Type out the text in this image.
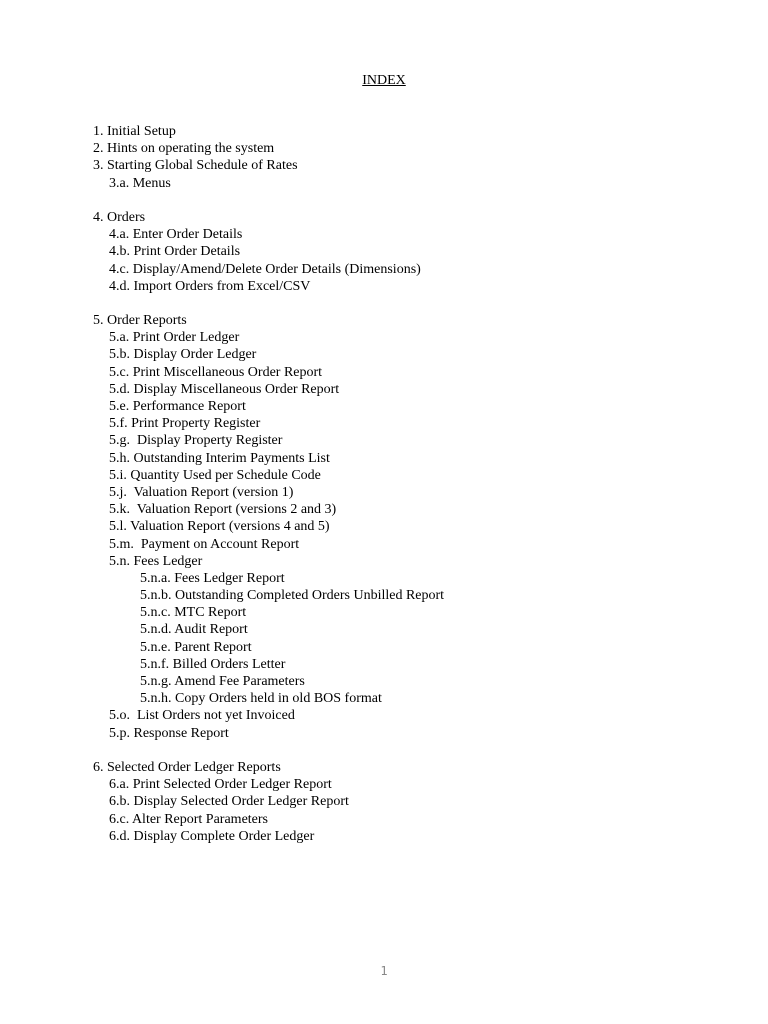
INDEX
1. Initial Setup
2. Hints on operating the system
3. Starting Global Schedule of Rates
3.a. Menus
4. Orders
4.a. Enter Order Details
4.b. Print Order Details
4.c. Display/Amend/Delete Order Details (Dimensions)
4.d. Import Orders from Excel/CSV
5. Order Reports
5.a. Print Order Ledger
5.b. Display Order Ledger
5.c. Print Miscellaneous Order Report
5.d. Display Miscellaneous Order Report
5.e. Performance Report
5.f. Print Property Register
5.g.  Display Property Register
5.h. Outstanding Interim Payments List
5.i. Quantity Used per Schedule Code
5.j.  Valuation Report (version 1)
5.k.  Valuation Report (versions 2 and 3)
5.l. Valuation Report (versions 4 and 5)
5.m.  Payment on Account Report
5.n. Fees Ledger
5.n.a. Fees Ledger Report
5.n.b. Outstanding Completed Orders Unbilled Report
5.n.c. MTC Report
5.n.d. Audit Report
5.n.e. Parent Report
5.n.f. Billed Orders Letter
5.n.g. Amend Fee Parameters
5.n.h. Copy Orders held in old BOS format
5.o.  List Orders not yet Invoiced
5.p. Response Report
6. Selected Order Ledger Reports
6.a. Print Selected Order Ledger Report
6.b. Display Selected Order Ledger Report
6.c. Alter Report Parameters
6.d. Display Complete Order Ledger
1
